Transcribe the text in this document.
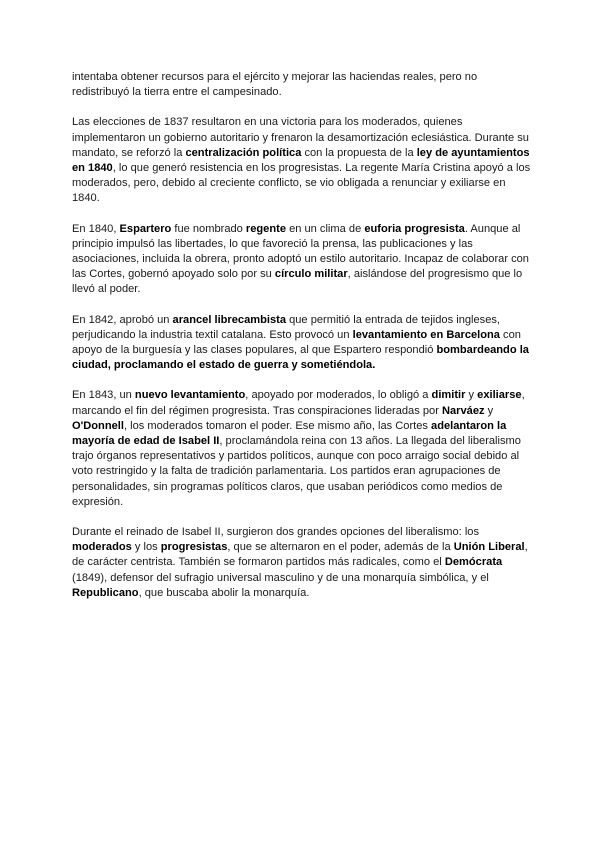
intentaba obtener recursos para el ejército y mejorar las haciendas reales, pero no redistribuyó la tierra entre el campesinado.

Las elecciones de 1837 resultaron en una victoria para los moderados, quienes implementaron un gobierno autoritario y frenaron la desamortización eclesiástica. Durante su mandato, se reforzó la centralización política con la propuesta de la ley de ayuntamientos en 1840, lo que generó resistencia en los progresistas. La regente María Cristina apoyó a los moderados, pero, debido al creciente conflicto, se vio obligada a renunciar y exiliarse en 1840.

En 1840, Espartero fue nombrado regente en un clima de euforia progresista. Aunque al principio impulsó las libertades, lo que favoreció la prensa, las publicaciones y las asociaciones, incluida la obrera, pronto adoptó un estilo autoritario. Incapaz de colaborar con las Cortes, gobernó apoyado solo por su círculo militar, aislándose del progresismo que lo llevó al poder.

En 1842, aprobó un arancel librecambista que permitió la entrada de tejidos ingleses, perjudicando la industria textil catalana. Esto provocó un levantamiento en Barcelona con apoyo de la burguesía y las clases populares, al que Espartero respondió bombardeando la ciudad, proclamando el estado de guerra y sometiéndola.

En 1843, un nuevo levantamiento, apoyado por moderados, lo obligó a dimitir y exiliarse, marcando el fin del régimen progresista. Tras conspiraciones lideradas por Narváez y O'Donnell, los moderados tomaron el poder. Ese mismo año, las Cortes adelantaron la mayoría de edad de Isabel II, proclamándola reina con 13 años. La llegada del liberalismo trajo órganos representativos y partidos políticos, aunque con poco arraigo social debido al voto restringido y la falta de tradición parlamentaria. Los partidos eran agrupaciones de personalidades, sin programas políticos claros, que usaban periódicos como medios de expresión.

Durante el reinado de Isabel II, surgieron dos grandes opciones del liberalismo: los moderados y los progresistas, que se alternaron en el poder, además de la Unión Liberal, de carácter centrista. También se formaron partidos más radicales, como el Demócrata (1849), defensor del sufragio universal masculino y de una monarquía simbólica, y el Republicano, que buscaba abolir la monarquía.
